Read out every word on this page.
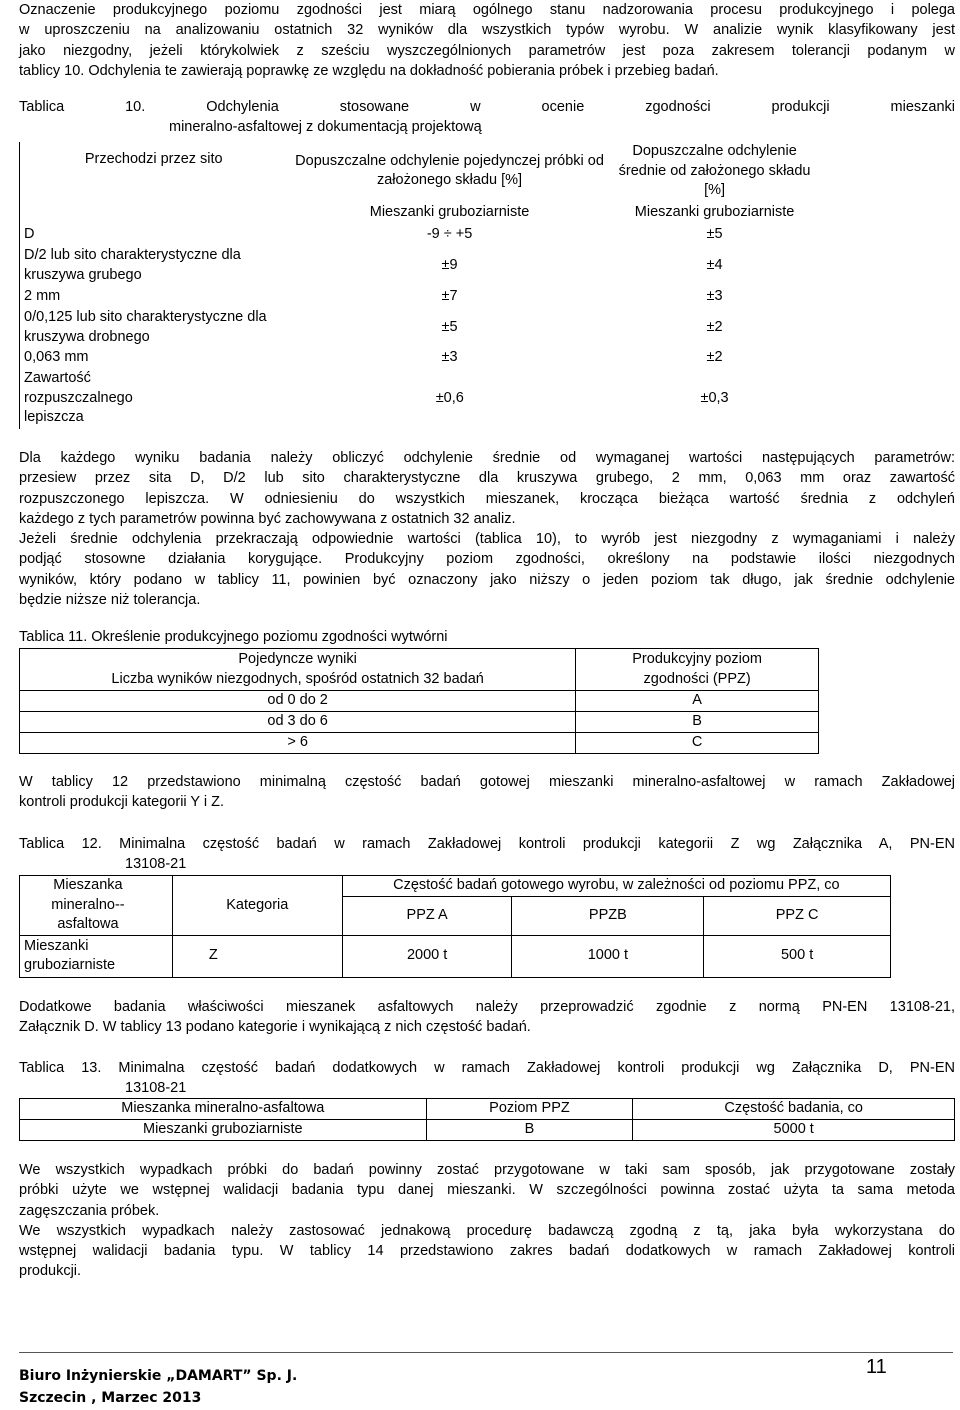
Oznaczenie produkcyjnego poziomu zgodności jest miarą ogólnego stanu nadzorowania procesu produkcyjnego i polega
w uproszczeniu na analizowaniu ostatnich 32 wyników dla wszystkich typów wyrobu. W analizie wynik klasyfikowany jest
jako niezgodny, jeżeli którykolwiek z sześciu wyszczególnionych parametrów jest poza zakresem tolerancji podanym w
tablicy 10. Odchylenia te zawierają poprawkę ze względu na dokładność pobierania próbek i przebieg badań.
Tablica 10. Odchylenia stosowane w ocenie zgodności produkcji mieszanki
mineralno-asfaltowej z dokumentacją projektową
Przechodzi przez sito	Dopuszczalne odchylenie pojedynczej próbki od założonego składu [%]	Dopuszczalne odchylenie średnie od założonego składu [%]
	Mieszanki gruboziarniste	Mieszanki gruboziarniste
D	-9 ÷ +5	±5
D/2 lub sito charakterystyczne dla kruszywa grubego	±9	±4
2 mm	±7	±3
0/0,125 lub sito charakterystyczne dla kruszywa drobnego	±5	±2
0,063 mm	±3	±2
Zawartość rozpuszczalnego lepiszcza	±0,6	±0,3
Dla każdego wyniku badania należy obliczyć odchylenie średnie od wymaganej wartości następujących parametrów:
przesiew przez sita D, D/2 lub sito charakterystyczne dla kruszywa grubego, 2 mm, 0,063 mm oraz zawartość
rozpuszczonego lepiszcza. W odniesieniu do wszystkich mieszanek, krocząca bieżąca wartość średnia z odchyleń
każdego z tych parametrów powinna być zachowywana z ostatnich 32 analiz.
Jeżeli średnie odchylenia przekraczają odpowiednie wartości (tablica 10), to wyrób jest niezgodny z wymaganiami i należy
podjąć stosowne działania korygujące. Produkcyjny poziom zgodności, określony na podstawie ilości niezgodnych
wyników, który podano w tablicy 11, powinien być oznaczony jako niższy o jeden poziom tak długo, jak średnie odchylenie
będzie niższe niż tolerancja.
Tablica 11. Określenie produkcyjnego poziomu zgodności wytwórni
Pojedyncze wyniki
Liczba wyników niezgodnych, spośród ostatnich 32 badań	Produkcyjny poziom
zgodności (PPZ)

od 0 do 2	A
od 3 do 6	B
> 6	C
W tablicy 12 przedstawiono minimalną częstość badań gotowej mieszanki mineralno-asfaltowej w ramach Zakładowej
kontroli produkcji kategorii Y i Z.
Tablica 12. Minimalna częstość badań w ramach Zakładowej kontroli produkcji kategorii Z wg Załącznika A, PN-EN
13108-21
Mieszanka mineralno-asfaltowa	Kategoria	Częstość badań gotowego wyrobu, w zależności od poziomu PPZ, co		
		PPZ A	PPZB	PPZ C
Mieszanki gruboziarniste	Z	2000 t	1000 t	500 t
Dodatkowe badania właściwości mieszanek asfaltowych należy przeprowadzić zgodnie z normą PN-EN 13108-21,
Załącznik D. W tablicy 13 podano kategorie i wynikającą z nich częstość badań.
Tablica 13. Minimalna częstość badań dodatkowych w ramach Zakładowej kontroli produkcji wg Załącznika D, PN-EN
13108-21
Mieszanka mineralno-asfaltowa	Poziom PPZ	Częstość badania, co
Mieszanki gruboziarniste	B	5000 t
We wszystkich wypadkach próbki do badań powinny zostać przygotowane w taki sam sposób, jak przygotowane zostały
próbki użyte we wstępnej walidacji badania typu danej mieszanki. W szczególności powinna zostać użyta ta sama metoda
zagęszczania próbek.
We wszystkich wypadkach należy zastosować jednakową procedurę badawczą zgodną z tą, jaka była wykorzystana do
wstępnej walidacji badania typu. W tablicy 14 przedstawiono zakres badań dodatkowych w ramach Zakładowej kontroli
produkcji.
Biuro Inżynierskie „DAMART” Sp. J.
Szczecin , Marzec 2013
11
